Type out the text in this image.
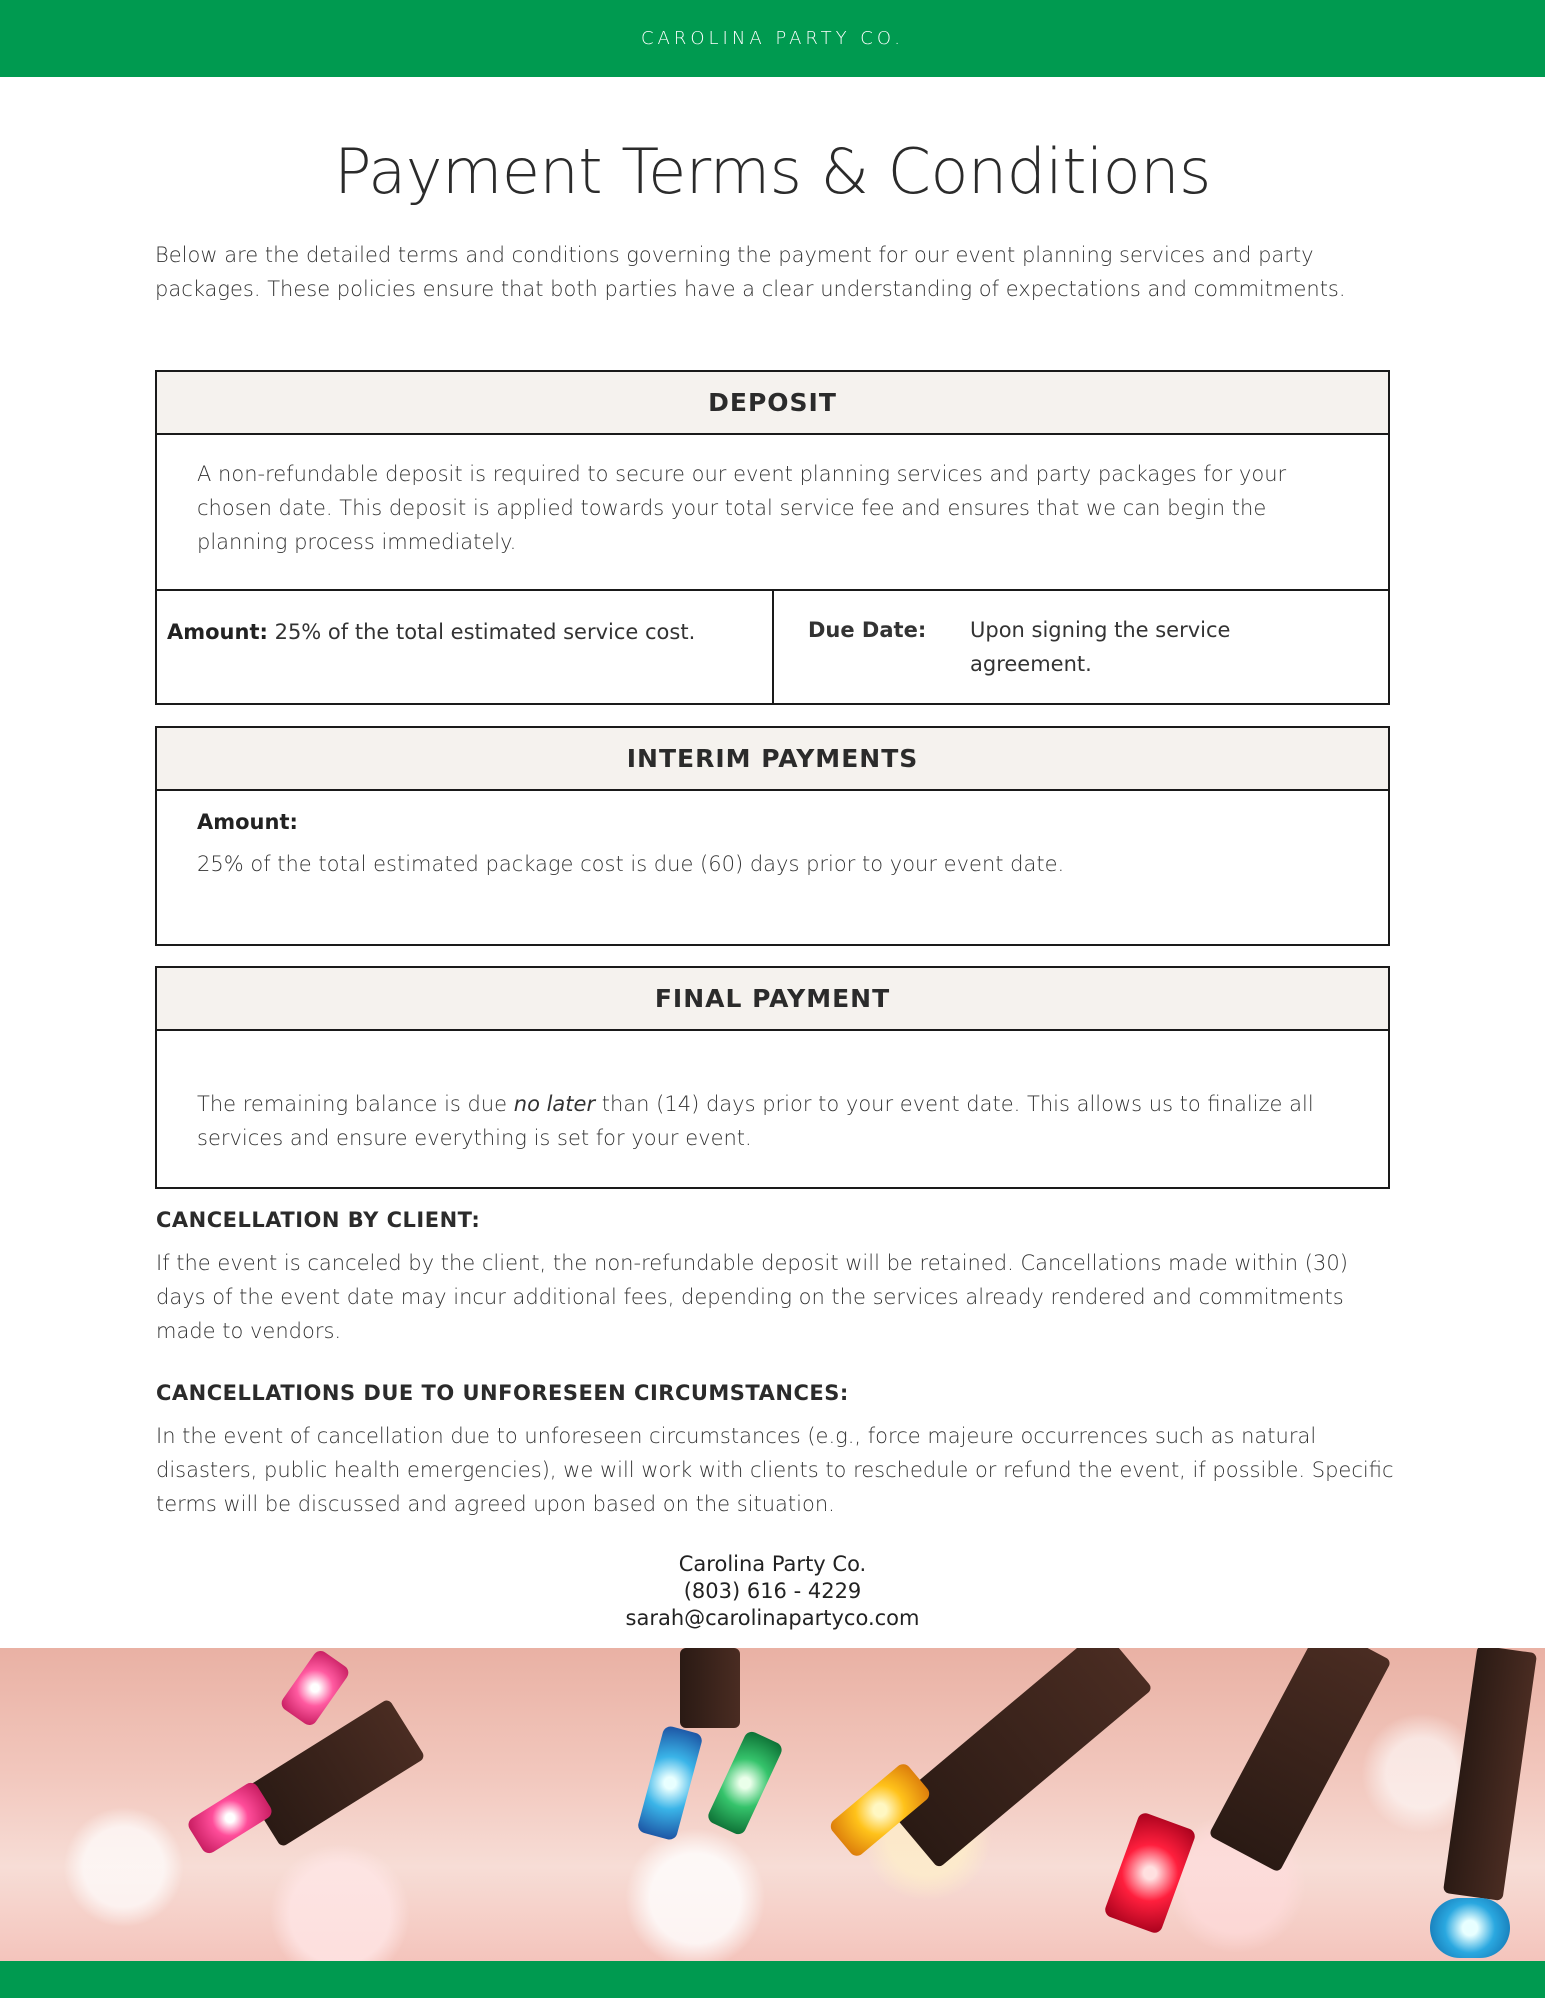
CAROLINA PARTY CO.
Payment Terms & Conditions

Below are the detailed terms and conditions governing the payment for our event planning services and party packages. These policies ensure that both parties have a clear understanding of expectations and commitments.

DEPOSIT
A non-refundable deposit is required to secure our event planning services and party packages for your chosen date. This deposit is applied towards your total service fee and ensures that we can begin the planning process immediately.
Amount: 25% of the total estimated service cost.	Due Date:	Upon signing the service agreement.
INTERIM PAYMENTS
Amount:
25% of the total estimated package cost is due (60) days prior to your event date.
FINAL PAYMENT
The remaining balance is due no later than (14) days prior to your event date. This allows us to finalize all services and ensure everything is set for your event.
CANCELLATION BY CLIENT:

If the event is canceled by the client, the non-refundable deposit will be retained. Cancellations made within (30) days of the event date may incur additional fees, depending on the services already rendered and commitments made to vendors.

CANCELLATIONS DUE TO UNFORESEEN CIRCUMSTANCES:

In the event of cancellation due to unforeseen circumstances (e.g., force majeure occurrences such as natural disasters, public health emergencies), we will work with clients to reschedule or refund the event, if possible. Specific terms will be discussed and agreed upon based on the situation.

Carolina Party Co.
(803) 616 - 4229
sarah@carolinapartyco.com
